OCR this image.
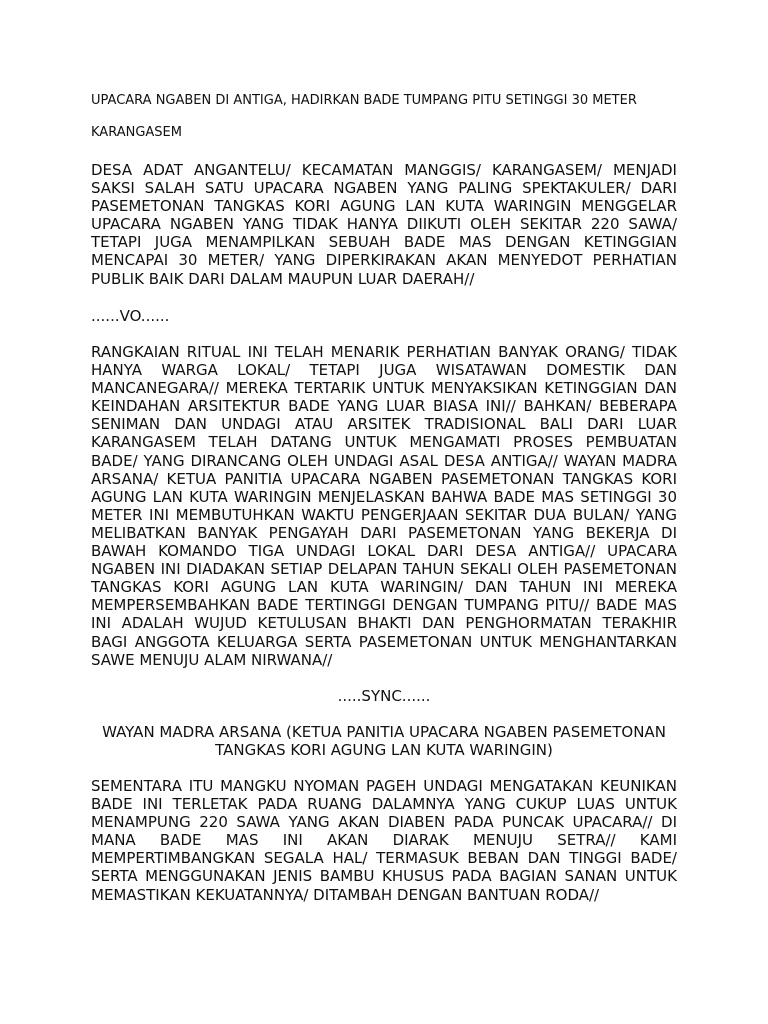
UPACARA NGABEN DI ANTIGA, HADIRKAN BADE TUMPANG PITU SETINGGI 30 METER
KARANGASEM

DESA ADAT ANGANTELU/ KECAMATAN MANGGIS/ KARANGASEM/ MENJADI SAKSI SALAH SATU UPACARA NGABEN YANG PALING SPEKTAKULER/ DARI PASEMETONAN TANGKAS KORI AGUNG LAN KUTA WARINGIN MENGGELAR UPACARA NGABEN YANG TIDAK HANYA DIIKUTI OLEH SEKITAR 220 SAWA/ TETAPI JUGA MENAMPILKAN SEBUAH BADE MAS DENGAN KETINGGIAN MENCAPAI 30 METER/ YANG DIPERKIRAKAN AKAN MENYEDOT PERHATIAN PUBLIK BAIK DARI DALAM MAUPUN LUAR DAERAH//

......VO......

RANGKAIAN RITUAL INI TELAH MENARIK PERHATIAN BANYAK ORANG/ TIDAK HANYA WARGA LOKAL/ TETAPI JUGA WISATAWAN DOMESTIK DAN MANCANEGARA// MEREKA TERTARIK UNTUK MENYAKSIKAN KETINGGIAN DAN KEINDAHAN ARSITEKTUR BADE YANG LUAR BIASA INI// BAHKAN/ BEBERAPA SENIMAN DAN UNDAGI ATAU ARSITEK TRADISIONAL BALI DARI LUAR KARANGASEM TELAH DATANG UNTUK MENGAMATI PROSES PEMBUATAN BADE/ YANG DIRANCANG OLEH UNDAGI ASAL DESA ANTIGA// WAYAN MADRA ARSANA/ KETUA PANITIA UPACARA NGABEN PASEMETONAN TANGKAS KORI AGUNG LAN KUTA WARINGIN MENJELASKAN BAHWA BADE MAS SETINGGI 30 METER INI MEMBUTUHKAN WAKTU PENGERJAAN SEKITAR DUA BULAN/ YANG MELIBATKAN BANYAK PENGAYAH DARI PASEMETONAN YANG BEKERJA DI BAWAH KOMANDO TIGA UNDAGI LOKAL DARI DESA ANTIGA// UPACARA NGABEN INI DIADAKAN SETIAP DELAPAN TAHUN SEKALI OLEH PASEMETONAN TANGKAS KORI AGUNG LAN KUTA WARINGIN/ DAN TAHUN INI MEREKA MEMPERSEMBAHKAN BADE TERTINGGI DENGAN TUMPANG PITU// BADE MAS INI ADALAH WUJUD KETULUSAN BHAKTI DAN PENGHORMATAN TERAKHIR BAGI ANGGOTA KELUARGA SERTA PASEMETONAN UNTUK MENGHANTARKAN SAWE MENUJU ALAM NIRWANA//

.....SYNC......
WAYAN MADRA ARSANA (KETUA PANITIA UPACARA NGABEN PASEMETONAN TANGKAS KORI AGUNG LAN KUTA WARINGIN)

SEMENTARA ITU MANGKU NYOMAN PAGEH UNDAGI MENGATAKAN KEUNIKAN BADE INI TERLETAK PADA RUANG DALAMNYA YANG CUKUP LUAS UNTUK MENAMPUNG 220 SAWA YANG AKAN DIABEN PADA PUNCAK UPACARA// DI MANA BADE MAS INI AKAN DIARAK MENUJU SETRA// KAMI MEMPERTIMBANGKAN SEGALA HAL/ TERMASUK BEBAN DAN TINGGI BADE/ SERTA MENGGUNAKAN JENIS BAMBU KHUSUS PADA BAGIAN SANAN UNTUK MEMASTIKAN KEKUATANNYA/ DITAMBAH DENGAN BANTUAN RODA//
